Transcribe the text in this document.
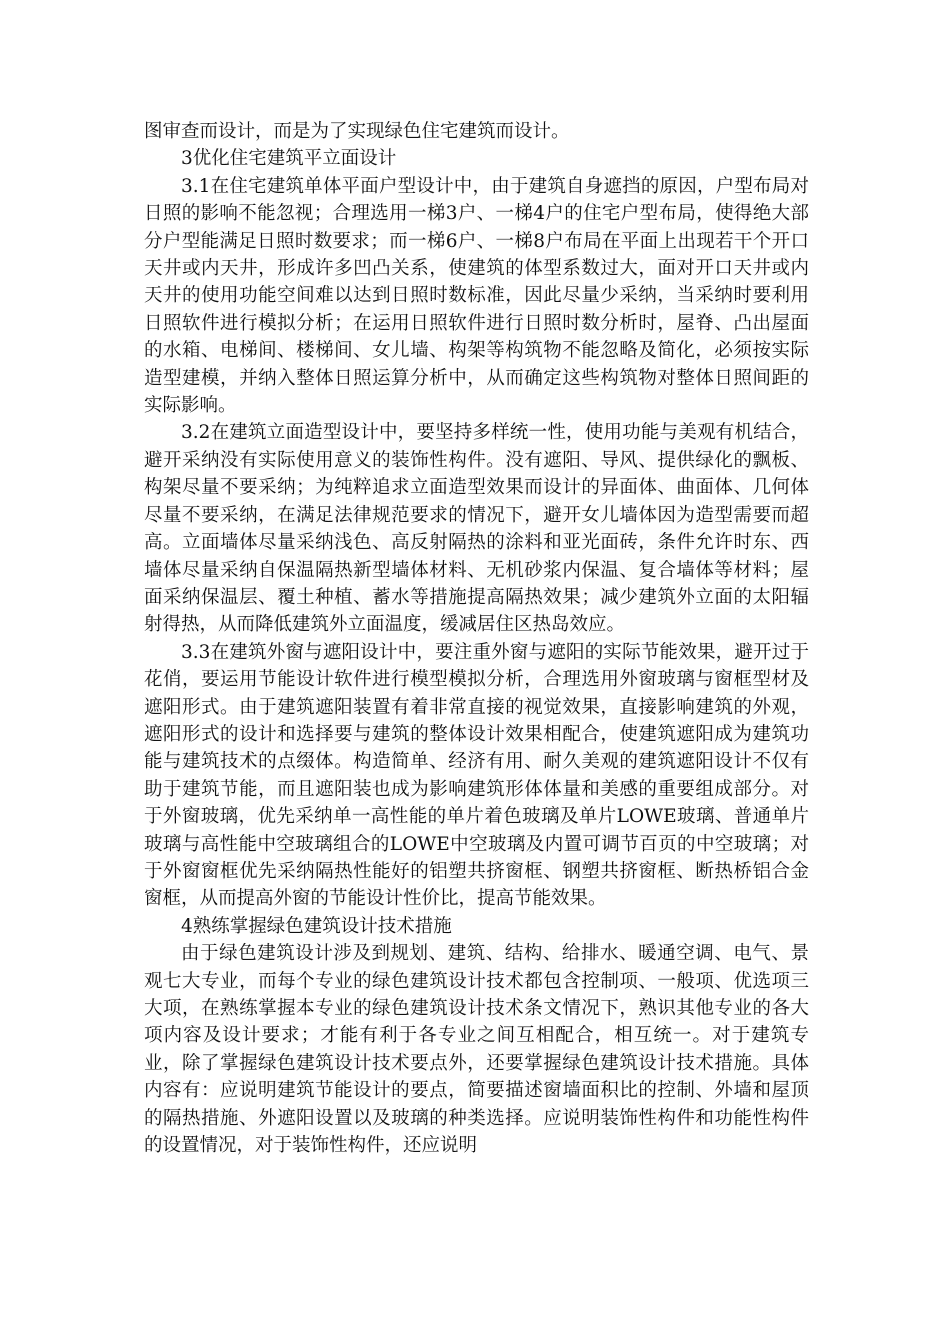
图审查而设计，而是为了实现绿色住宅建筑而设计。

3优化住宅建筑平立面设计

3.1在住宅建筑单体平面户型设计中，由于建筑自身遮挡的原因，户型布局对日照的影响不能忽视；合理选用一梯3户、一梯4户的住宅户型布局，使得绝大部分户型能满足日照时数要求；而一梯6户、一梯8户布局在平面上出现若干个开口天井或内天井，形成许多凹凸关系，使建筑的体型系数过大，面对开口天井或内天井的使用功能空间难以达到日照时数标准，因此尽量少采纳，当采纳时要利用日照软件进行模拟分析；在运用日照软件进行日照时数分析时，屋脊、凸出屋面的水箱、电梯间、楼梯间、女儿墙、构架等构筑物不能忽略及简化，必须按实际造型建模，并纳入整体日照运算分析中，从而确定这些构筑物对整体日照间距的实际影响。

3.2在建筑立面造型设计中，要坚持多样统一性，使用功能与美观有机结合，避开采纳没有实际使用意义的装饰性构件。没有遮阳、导风、提供绿化的飘板、构架尽量不要采纳；为纯粹追求立面造型效果而设计的异面体、曲面体、几何体尽量不要采纳，在满足法律规范要求的情况下，避开女儿墙体因为造型需要而超高。立面墙体尽量采纳浅色、高反射隔热的涂料和亚光面砖，条件允许时东、西墙体尽量采纳自保温隔热新型墙体材料、无机砂浆内保温、复合墙体等材料；屋面采纳保温层、覆土种植、蓄水等措施提高隔热效果；减少建筑外立面的太阳辐射得热，从而降低建筑外立面温度，缓减居住区热岛效应。

3.3在建筑外窗与遮阳设计中，要注重外窗与遮阳的实际节能效果，避开过于花俏，要运用节能设计软件进行模型模拟分析，合理选用外窗玻璃与窗框型材及遮阳形式。由于建筑遮阳装置有着非常直接的视觉效果，直接影响建筑的外观，遮阳形式的设计和选择要与建筑的整体设计效果相配合，使建筑遮阳成为建筑功能与建筑技术的点缀体。构造简单、经济有用、耐久美观的建筑遮阳设计不仅有助于建筑节能，而且遮阳装也成为影响建筑形体体量和美感的重要组成部分。对于外窗玻璃，优先采纳单一高性能的单片着色玻璃及单片LOWE玻璃、普通单片玻璃与高性能中空玻璃组合的LOWE中空玻璃及内置可调节百页的中空玻璃；对于外窗窗框优先采纳隔热性能好的铝塑共挤窗框、钢塑共挤窗框、断热桥铝合金窗框，从而提高外窗的节能设计性价比，提高节能效果。

4熟练掌握绿色建筑设计技术措施

由于绿色建筑设计涉及到规划、建筑、结构、给排水、暖通空调、电气、景观七大专业，而每个专业的绿色建筑设计技术都包含控制项、一般项、优选项三大项，在熟练掌握本专业的绿色建筑设计技术条文情况下，熟识其他专业的各大项内容及设计要求；才能有利于各专业之间互相配合，相互统一。对于建筑专业，除了掌握绿色建筑设计技术要点外，还要掌握绿色建筑设计技术措施。具体内容有：应说明建筑节能设计的要点，简要描述窗墙面积比的控制、外墙和屋顶的隔热措施、外遮阳设置以及玻璃的种类选择。应说明装饰性构件和功能性构件的设置情况，对于装饰性构件，还应说明
